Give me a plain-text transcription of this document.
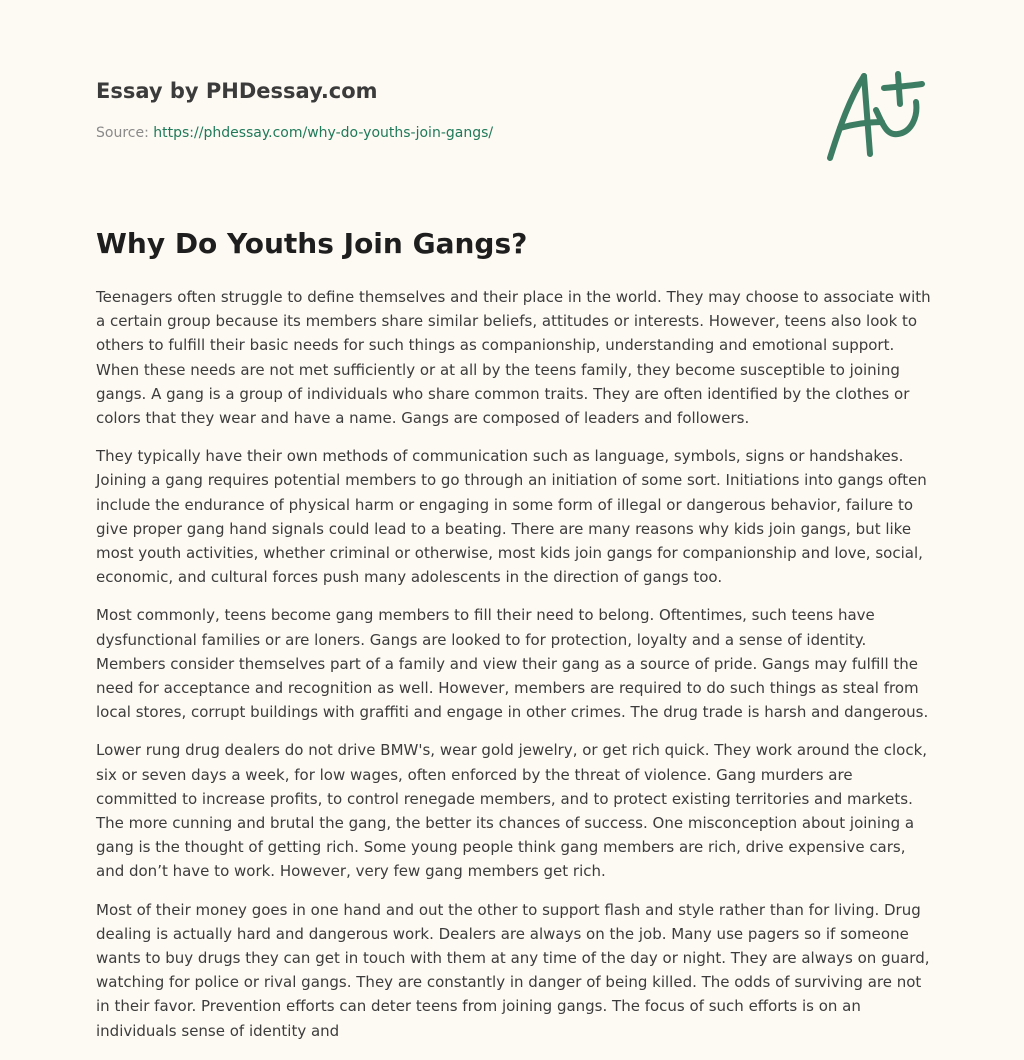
Essay by PHDessay.com
Source: https://phdessay.com/why-do-youths-join-gangs/
Why Do Youths Join Gangs?

Teenagers often struggle to define themselves and their place in the world. They may choose to associate with a certain group because its members share similar beliefs, attitudes or interests. However, teens also look to others to fulfill their basic needs for such things as companionship, understanding and emotional support. When these needs are not met sufficiently or at all by the teens family, they become susceptible to joining gangs. A gang is a group of individuals who share common traits. They are often identified by the clothes or colors that they wear and have a name. Gangs are composed of leaders and followers.

They typically have their own methods of communication such as language, symbols, signs or handshakes. Joining a gang requires potential members to go through an initiation of some sort. Initiations into gangs often include the endurance of physical harm or engaging in some form of illegal or dangerous behavior, failure to give proper gang hand signals could lead to a beating. There are many reasons why kids join gangs, but like most youth activities, whether criminal or otherwise, most kids join gangs for companionship and love, social, economic, and cultural forces push many adolescents in the direction of gangs too.

Most commonly, teens become gang members to fill their need to belong. Oftentimes, such teens have dysfunctional families or are loners. Gangs are looked to for protection, loyalty and a sense of identity. Members consider themselves part of a family and view their gang as a source of pride. Gangs may fulfill the need for acceptance and recognition as well. However, members are required to do such things as steal from local stores, corrupt buildings with graffiti and engage in other crimes. The drug trade is harsh and dangerous.

Lower rung drug dealers do not drive BMW's, wear gold jewelry, or get rich quick. They work around the clock, six or seven days a week, for low wages, often enforced by the threat of violence. Gang murders are committed to increase profits, to control renegade members, and to protect existing territories and markets. The more cunning and brutal the gang, the better its chances of success. One misconception about joining a gang is the thought of getting rich. Some young people think gang members are rich, drive expensive cars, and don’t have to work. However, very few gang members get rich.

Most of their money goes in one hand and out the other to support flash and style rather than for living. Drug dealing is actually hard and dangerous work. Dealers are always on the job. Many use pagers so if someone wants to buy drugs they can get in touch with them at any time of the day or night. They are always on guard, watching for police or rival gangs. They are constantly in danger of being killed. The odds of surviving are not in their favor. Prevention efforts can deter teens from joining gangs. The focus of such efforts is on an individuals sense of identity and
